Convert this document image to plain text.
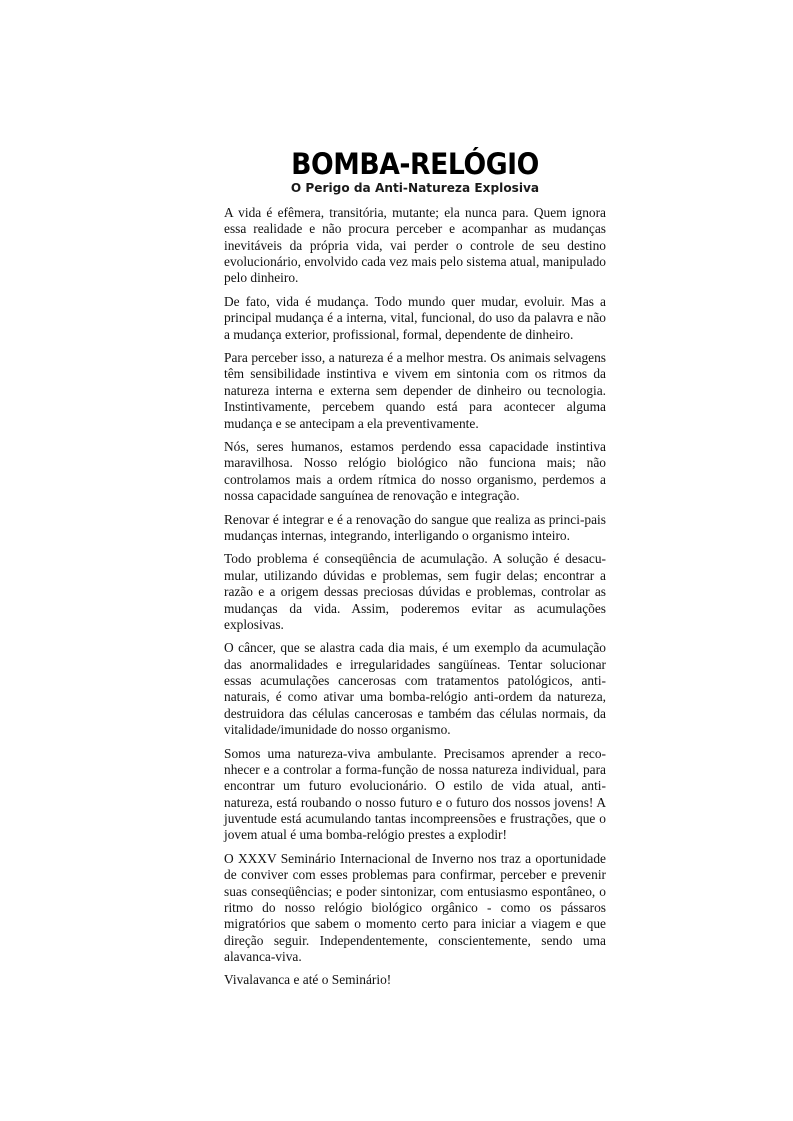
BOMBA-RELÓGIO
O Perigo da Anti-Natureza Explosiva

A vida é efêmera, transitória, mutante; ela nunca para. Quem ignora essa realidade e não procura perceber e acompanhar as mudanças inevitáveis da própria vida, vai perder o controle de seu destino evolucionário, envolvido cada vez mais pelo sistema atual, manipulado pelo dinheiro.

De fato, vida é mudança. Todo mundo quer mudar, evoluir. Mas a principal mudança é a interna, vital, funcional, do uso da palavra e não a mudança exterior, profissional, formal, dependente de dinheiro.

Para perceber isso, a natureza é a melhor mestra. Os animais selvagens têm sensibilidade instintiva e vivem em sintonia com os ritmos da natureza interna e externa sem depender de dinheiro ou tecnologia. Instintivamente, percebem quando está para acontecer alguma mudança e se antecipam a ela preventivamente.

Nós, seres humanos, estamos perdendo essa capacidade instintiva maravilhosa. Nosso relógio biológico não funciona mais; não controlamos mais a ordem rítmica do nosso organismo, perdemos a nossa capacidade sanguínea de renovação e integração.

Renovar é integrar e é a renovação do sangue que realiza as princi-pais mudanças internas, integrando, interligando o organismo inteiro.

Todo problema é conseqüência de acumulação. A solução é desacu-mular, utilizando dúvidas e problemas, sem fugir delas; encontrar a razão e a origem dessas preciosas dúvidas e problemas, controlar as mudanças da vida. Assim, poderemos evitar as acumulações explosivas.

O câncer, que se alastra cada dia mais, é um exemplo da acumulação das anormalidades e irregularidades sangüíneas. Tentar solucionar essas acumulações cancerosas com tratamentos patológicos, anti-naturais, é como ativar uma bomba-relógio anti-ordem da natureza, destruidora das células cancerosas e também das células normais, da vitalidade/imunidade do nosso organismo.

Somos uma natureza-viva ambulante. Precisamos aprender a reco-nhecer e a controlar a forma-função de nossa natureza individual, para encontrar um futuro evolucionário. O estilo de vida atual, anti-natureza, está roubando o nosso futuro e o futuro dos nossos jovens! A juventude está acumulando tantas incompreensões e frustrações, que o jovem atual é uma bomba-relógio prestes a explodir!

O XXXV Seminário Internacional de Inverno nos traz a oportunidade de conviver com esses problemas para confirmar, perceber e prevenir suas conseqüências; e poder sintonizar, com entusiasmo espontâneo, o ritmo do nosso relógio biológico orgânico - como os pássaros migratórios que sabem o momento certo para iniciar a viagem e que direção seguir. Independentemente, conscientemente, sendo uma alavanca-viva.

Vivalavanca e até o Seminário!
